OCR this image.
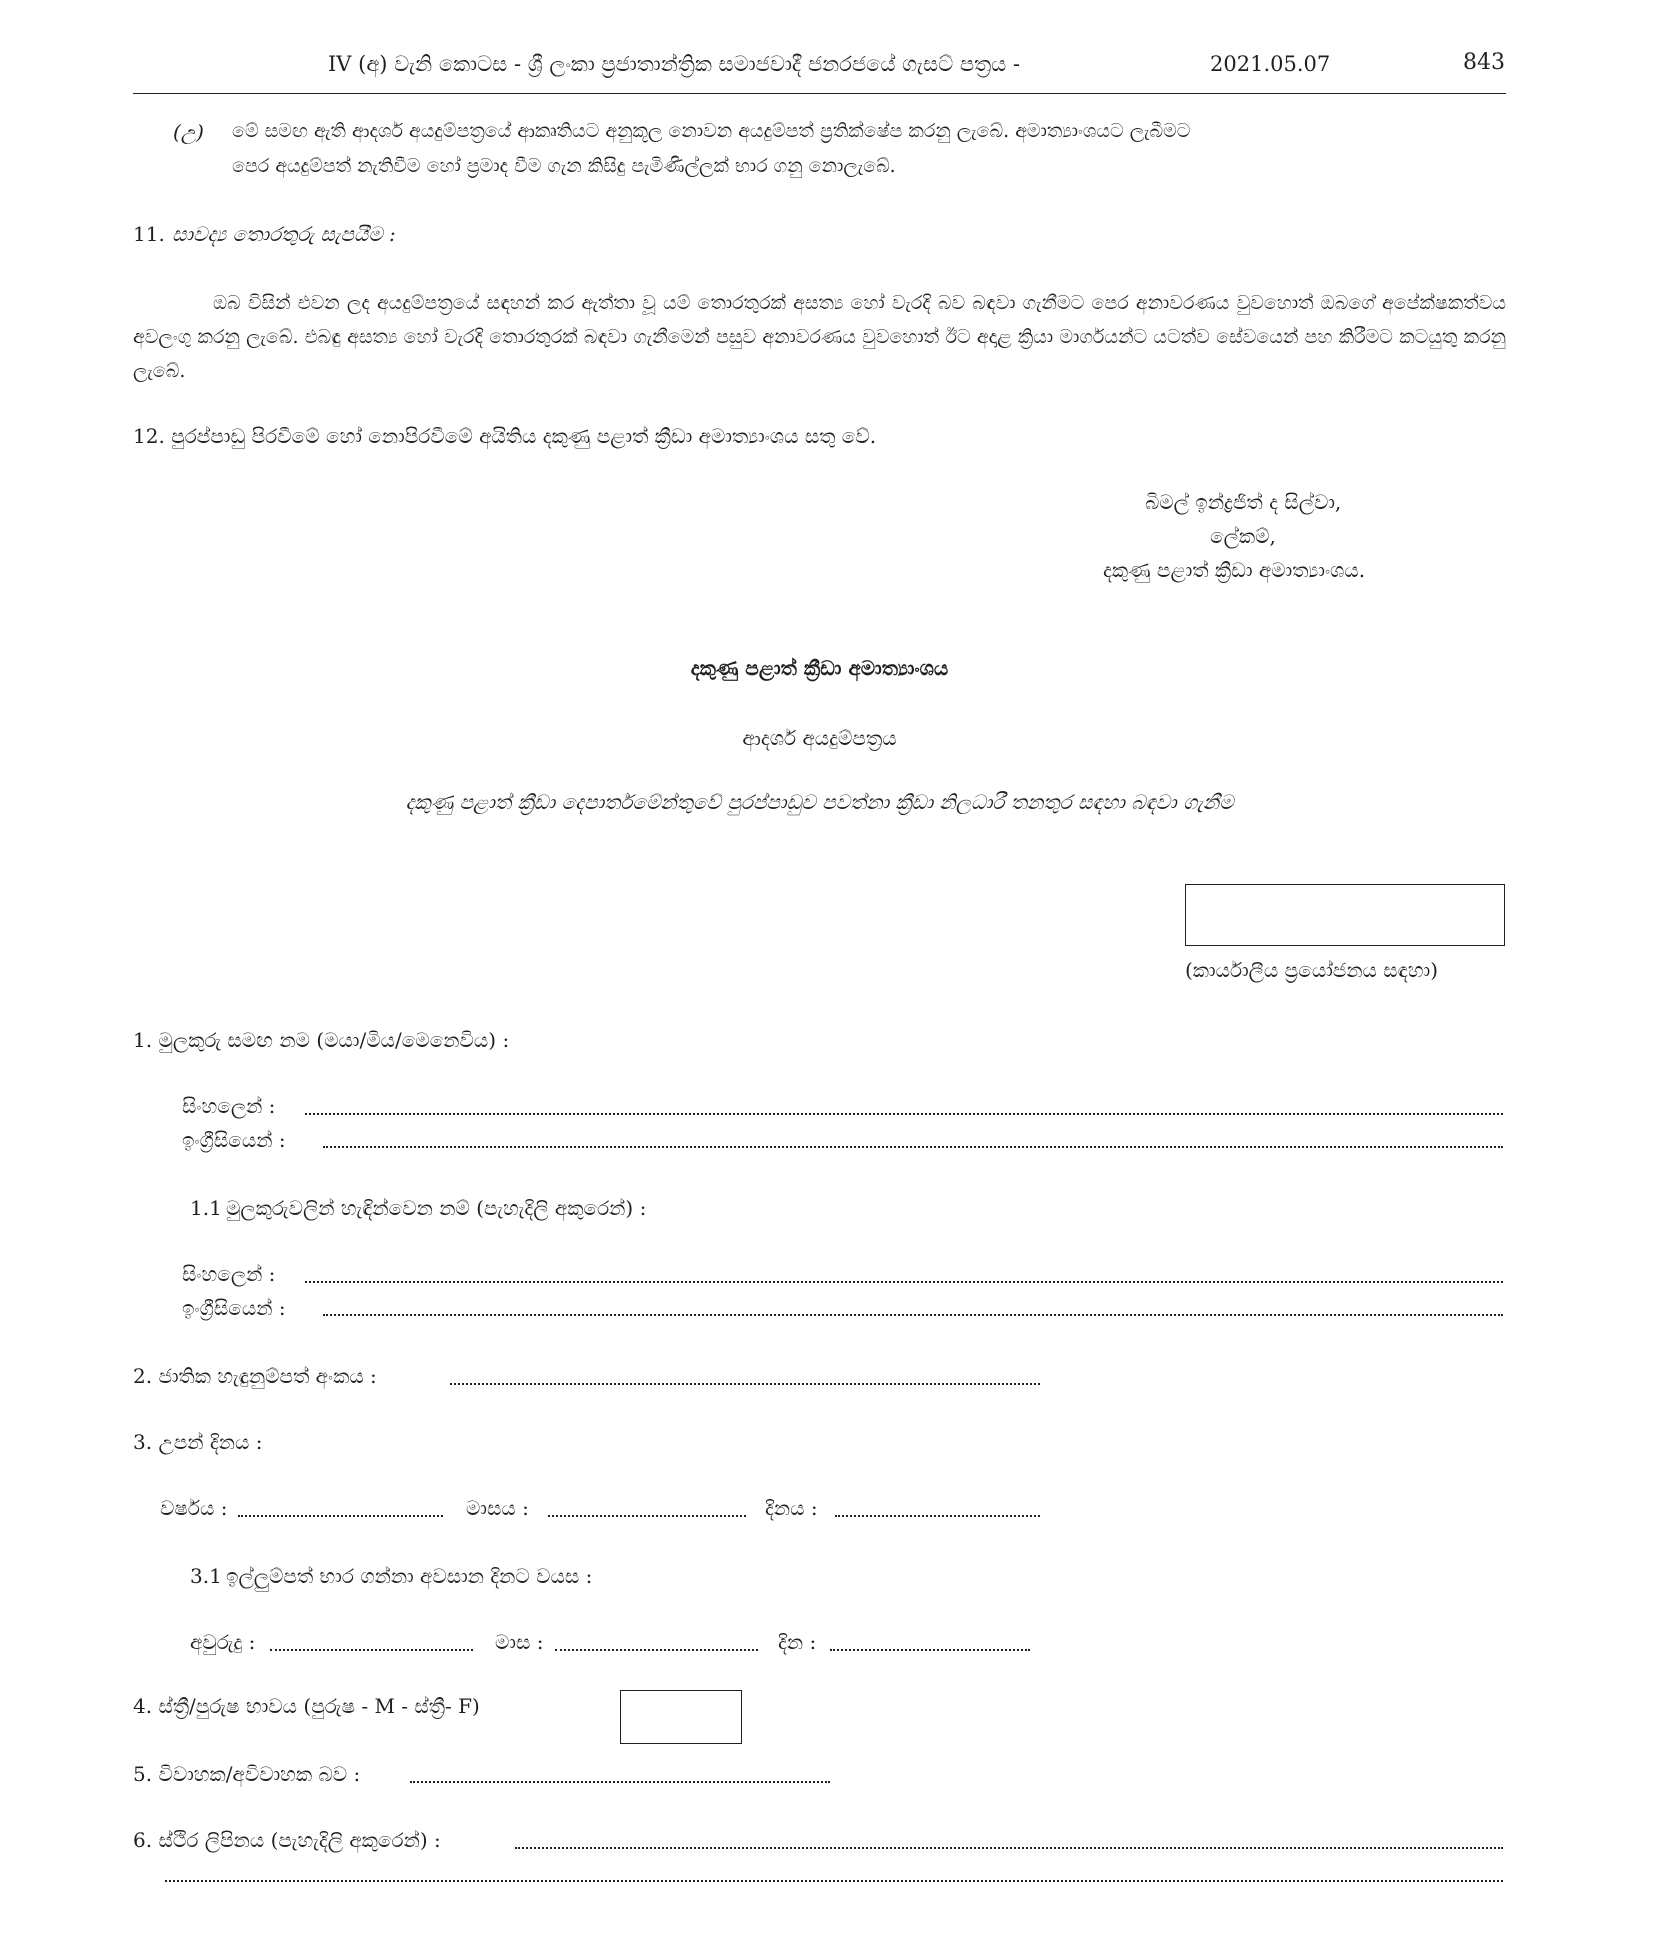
IV (අ) වැනි කොටස - ශ්‍රී ලංකා ප්‍රජාතාන්ත්‍රික සමාජවාදී ජනරජයේ ගැසට් පත්‍රය -	2021.05.07	843
(උ) මේ සමඟ ඇති ආදර්ශ අයදුම්පත්‍රයේ ආකෘතියට අනුකූල නොවන අයදුම්පත් ප්‍රතික්ෂේප කරනු ලැබේ. අමාත්‍යාංශයට ලැබීමට
පෙර අයදුම්පත් නැතිවීම හෝ ප්‍රමාද වීම ගැන කිසිදු පැමිණිල්ලක් භාර ගනු නොලැබේ.
11. සාවද්‍ය තොරතුරු සැපයීම :
ඔබ විසින් එවන ලද අයදුම්පත්‍රයේ සඳහන් කර ඇත්තා වූ යම් තොරතුරක් අසත්‍ය හෝ වැරදි බව බඳවා ගැනීමට පෙර අනාවරණය වුවහොත් ඔබගේ අපේක්ෂකත්වය අවලංගු කරනු ලැබේ. එබඳු අසත්‍ය හෝ වැරදි තොරතුරක් බඳවා ගැනීමෙන් පසුව අනාවරණය වුවහොත් ඊට අදාළ ක්‍රියා මාර්ගයන්ට යටත්ව සේවයෙන් පහ කිරීමට කටයුතු කරනු ලැබේ.
12. පුරප්පාඩු පිරවීමේ හෝ නොපිරවීමේ අයිතිය දකුණු පළාත් ක්‍රීඩා අමාත්‍යාංශය සතු වේ.
බිමල් ඉන්ද්‍රජිත් ද සිල්වා,
ලේකම්,
දකුණු පළාත් ක්‍රීඩා අමාත්‍යාංශය.
දකුණු පළාත් ක්‍රීඩා අමාත්‍යාංශය
ආදර්ශ අයදුම්පත්‍රය
දකුණු පළාත් ක්‍රීඩා දෙපාර්තමේන්තුවේ පුරප්පාඩුව පවත්නා ක්‍රීඩා නිලධාරී තනතුර සඳහා බඳවා ගැනීම
(කාර්යාලීය ප්‍රයෝජනය සඳහා)
1. මුලකුරු සමඟ නම (මයා/මිය/මෙනෙවිය) :
සිංහලෙන් :
ඉංග්‍රීසියෙන් :
1.1 මුලකුරුවලින් හැඳින්වෙන නම් (පැහැදිලි අකුරෙන්) :
සිංහලෙන් :
ඉංග්‍රීසියෙන් :
2. ජාතික හැඳුනුම්පත් අංකය :
3. උපන් දිනය :
වර්ෂය :	මාසය :	දිනය :
3.1 ඉල්ලුම්පත් භාර ගන්නා අවසාන දිනට වයස :
අවුරුදු :	මාස :	දින :
4. ස්ත්‍රී/පුරුෂ භාවය (පුරුෂ - M - ස්ත්‍රී- F)
5. විවාහක/අවිවාහක බව :
6. ස්ථිර ලිපිනය (පැහැදිලි අකුරෙන්) :
